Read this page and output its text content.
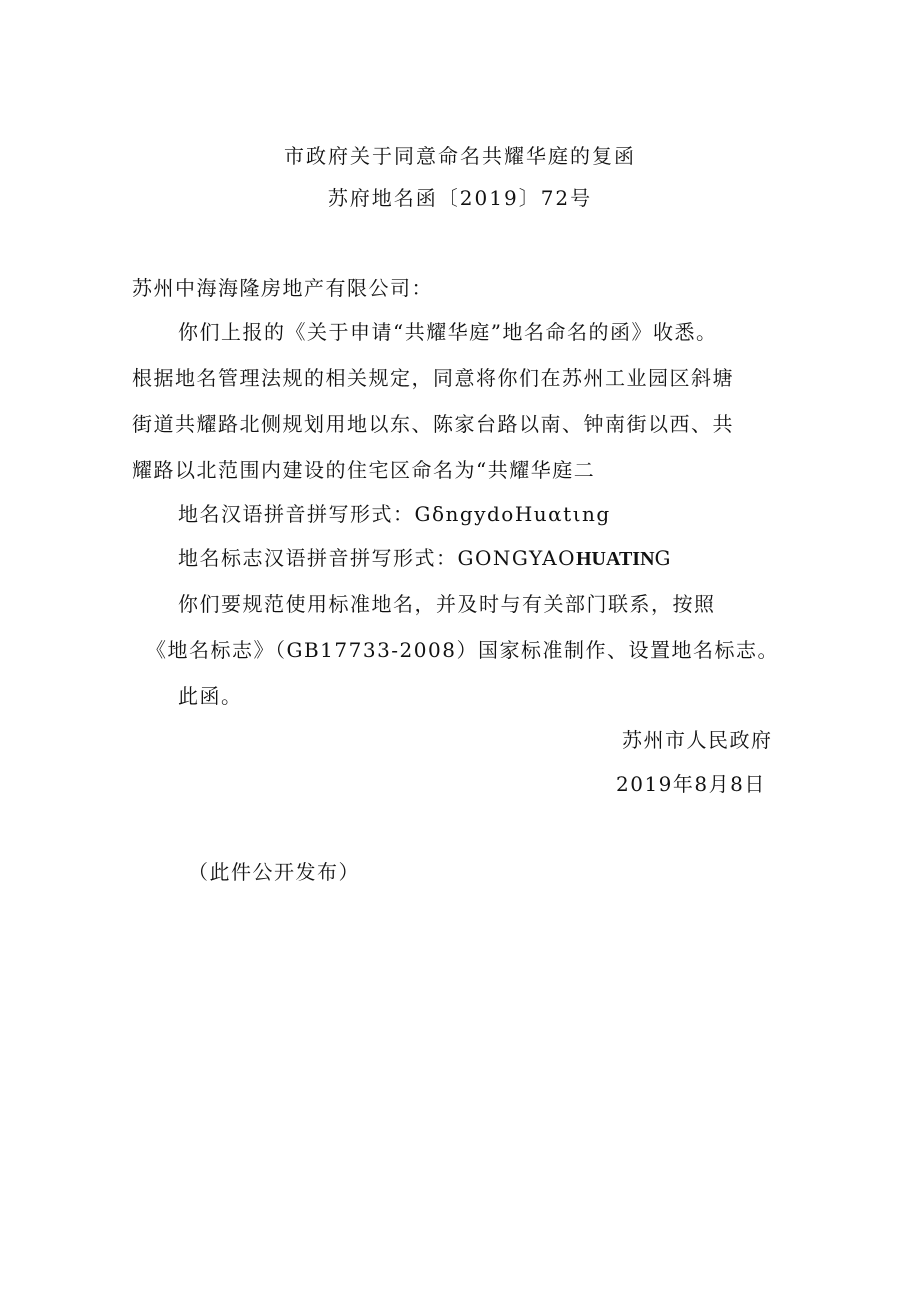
市政府关于同意命名共耀华庭的复函
苏府地名函〔2019〕72号
苏州中海海隆房地产有限公司：
你们上报的《关于申请“共耀华庭”地名命名的函》收悉。
根据地名管理法规的相关规定，同意将你们在苏州工业园区斜塘
街道共耀路北侧规划用地以东、陈家台路以南、钟南街以西、共
耀路以北范围内建设的住宅区命名为“共耀华庭二
地名汉语拼音拼写形式：GδngydoHuαtιng
地名标志汉语拼音拼写形式：GONGYAOHUATING
你们要规范使用标准地名，并及时与有关部门联系，按照
《地名标志》（GB17733-2008）国家标准制作、设置地名标志。
此函。
苏州市人民政府
2019年8月8日
（此件公开发布）
